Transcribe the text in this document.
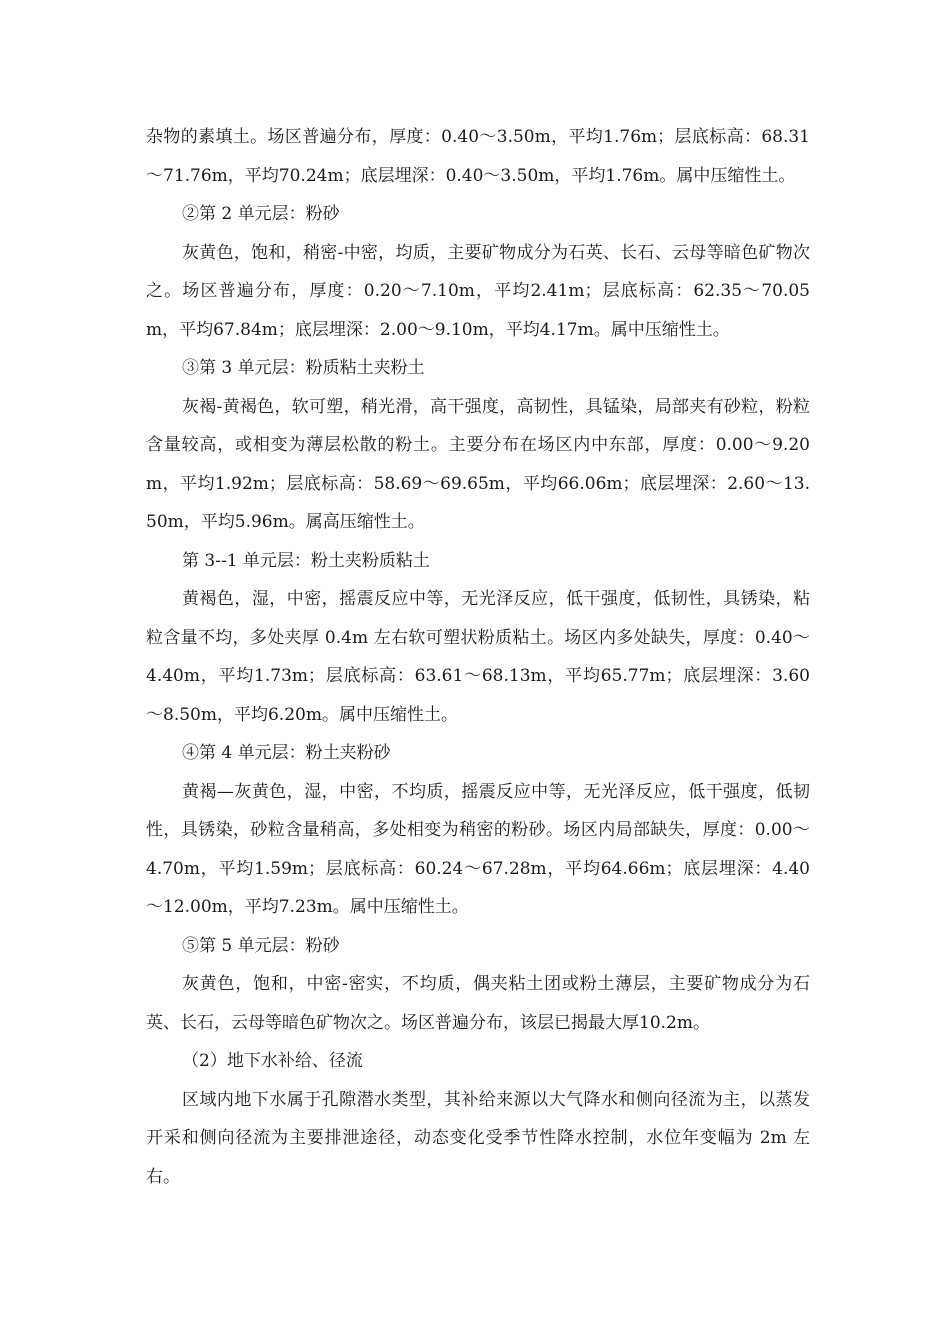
杂物的素填土。场区普遍分布，厚度：0.40～3.50m，平均1.76m；层底标高：68.31～71.76m，平均70.24m；底层埋深：0.40～3.50m，平均1.76m。属中压缩性土。

②第 2 单元层：粉砂

灰黄色，饱和，稍密-中密，均质，主要矿物成分为石英、长石、云母等暗色矿物次之。场区普遍分布，厚度：0.20～7.10m，平均2.41m；层底标高：62.35～70.05m，平均67.84m；底层埋深：2.00～9.10m，平均4.17m。属中压缩性土。

③第 3 单元层：粉质粘土夹粉土

灰褐-黄褐色，软可塑，稍光滑，高干强度，高韧性，具锰染，局部夹有砂粒，粉粒含量较高，或相变为薄层松散的粉土。主要分布在场区内中东部，厚度：0.00～9.20m，平均1.92m；层底标高：58.69～69.65m，平均66.06m；底层埋深：2.60～13.50m，平均5.96m。属高压缩性土。

第 3--1 单元层：粉土夹粉质粘土

黄褐色，湿，中密，摇震反应中等，无光泽反应，低干强度，低韧性，具锈染，粘粒含量不均，多处夹厚 0.4m 左右软可塑状粉质粘土。场区内多处缺失，厚度：0.40～4.40m，平均1.73m；层底标高：63.61～68.13m，平均65.77m；底层埋深：3.60～8.50m，平均6.20m。属中压缩性土。

④第 4 单元层：粉土夹粉砂

黄褐—灰黄色，湿，中密，不均质，摇震反应中等，无光泽反应，低干强度，低韧性，具锈染，砂粒含量稍高，多处相变为稍密的粉砂。场区内局部缺失，厚度：0.00～4.70m，平均1.59m；层底标高：60.24～67.28m，平均64.66m；底层埋深：4.40～12.00m，平均7.23m。属中压缩性土。

⑤第 5 单元层：粉砂

灰黄色，饱和，中密-密实，不均质，偶夹粘土团或粉土薄层，主要矿物成分为石英、长石，云母等暗色矿物次之。场区普遍分布，该层已揭最大厚10.2m。

（2）地下水补给、径流

区域内地下水属于孔隙潜水类型，其补给来源以大气降水和侧向径流为主，以蒸发开采和侧向径流为主要排泄途径，动态变化受季节性降水控制，水位年变幅为 2m 左右。
